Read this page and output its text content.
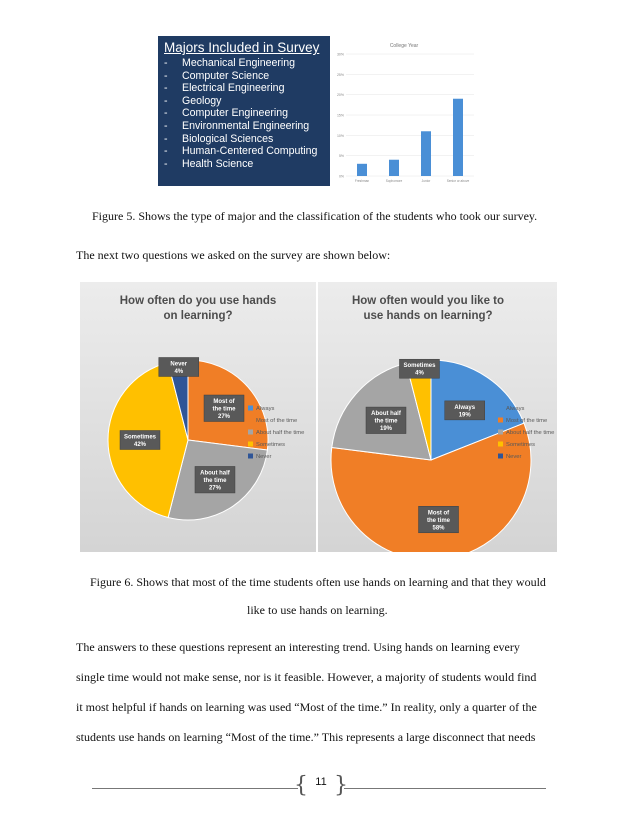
Majors Included in Survey
- Mechanical Engineering
- Computer Science
- Electrical Engineering
- Geology
- Computer Engineering
- Environmental Engineering
- Biological Sciences
- Human-Centered Computing
- Health Science
College Year
0%
5%
10%
15%
20%
25%
30%
Freshman	Sophomore	Junior	Senior or above
Figure 5. Shows the type of major and the classification of the students who took our survey.
The next two questions we asked on the survey are shown below:
How often do you use hands
on learning?
Most of
the time
27%
About half
the time
27%
Sometimes
42%
Never
4%
Always
Most of the time
About half the time
Sometimes
Never
How often would you like to
use hands on learning?
Always
19%
Most of
the time
58%
About half
the time
19%
Sometimes
4%
Always
Most of the time
About half the time
Sometimes
Never
Figure 6. Shows that most of the time students often use hands on learning and that they would
like to use hands on learning.
The answers to these questions represent an interesting trend. Using hands on learning every
single time would not make sense, nor is it feasible. However, a majority of students would find
it most helpful if hands on learning was used “Most of the time.” In reality, only a quarter of the
students use hands on learning “Most of the time.” This represents a large disconnect that needs
{ }
11
